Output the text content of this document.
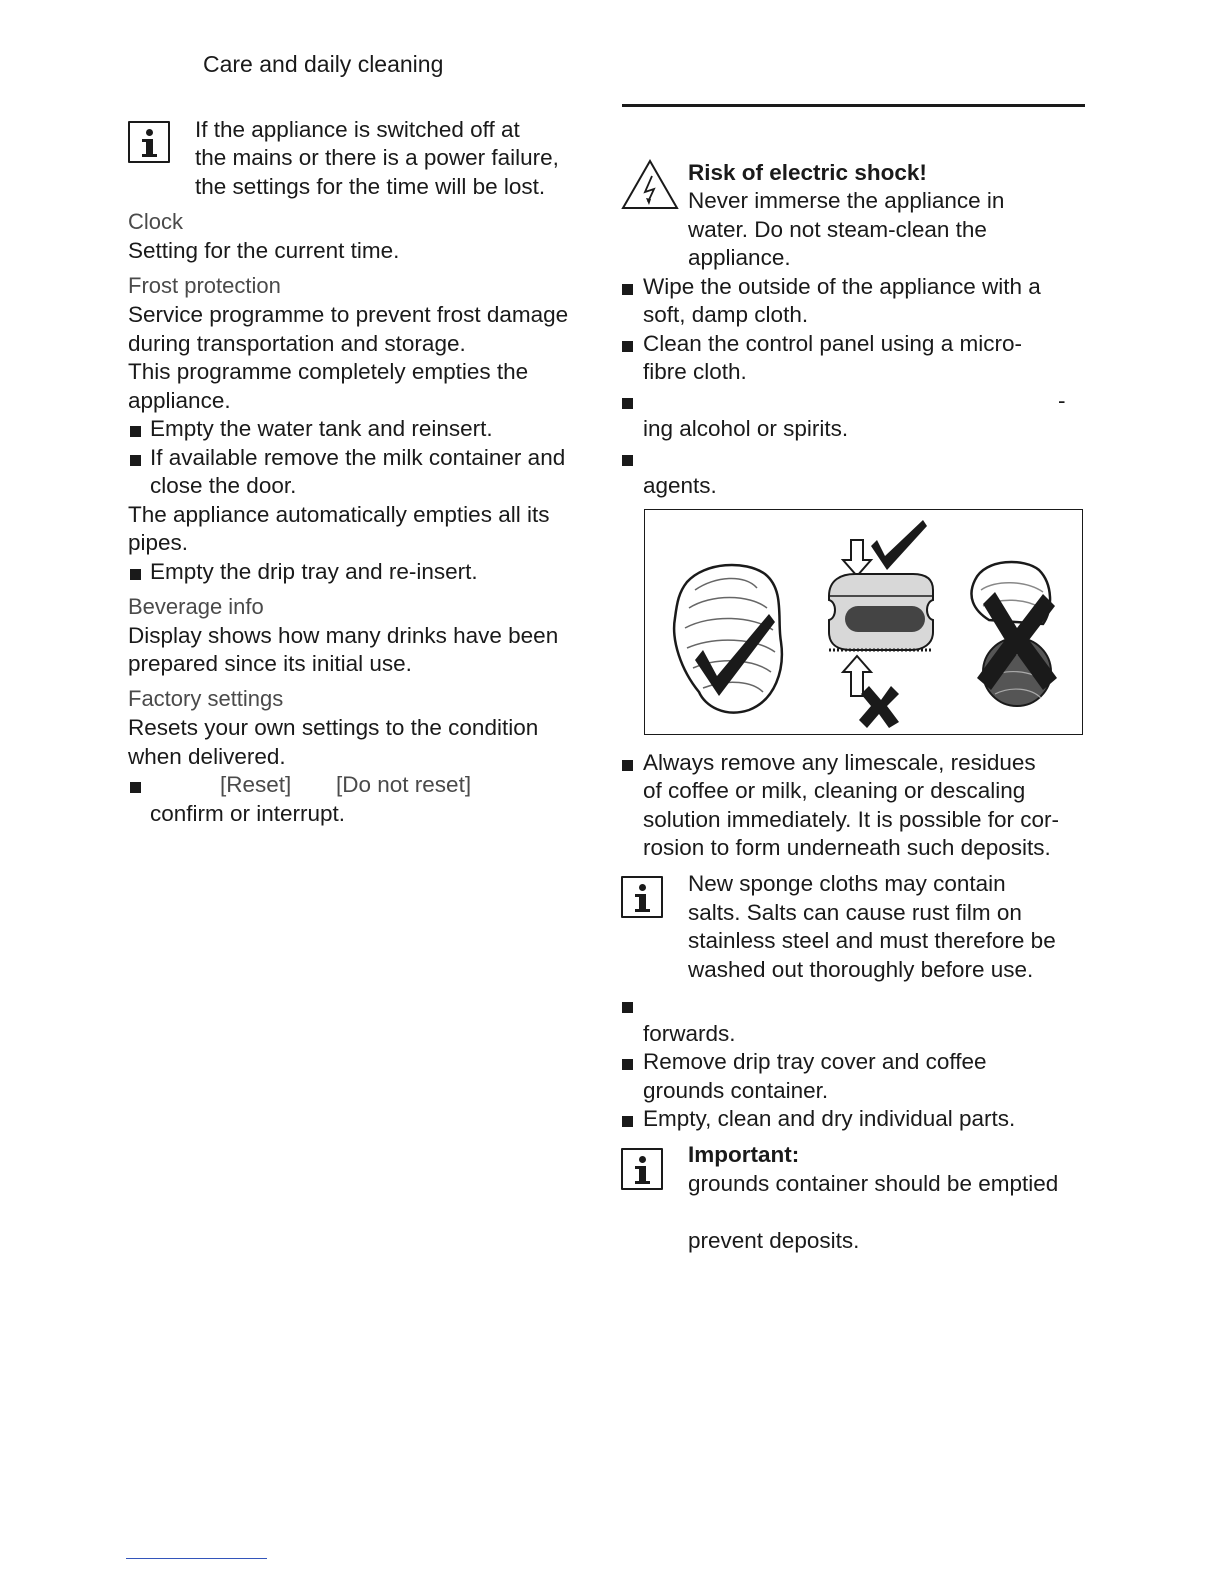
Care and daily cleaning
If the appliance is switched off at
the mains or there is a power failure,
the settings for the time will be lost.
Clock
Setting for the current time.
Frost protection
Service programme to prevent frost damage
during transportation and storage.
This programme completely empties the
appliance.
Empty the water tank and reinsert.
If available remove the milk container and
close the door.
The appliance automatically empties all its
pipes.
Empty the drip tray and re-insert.
Beverage info
Display shows how many drinks have been
prepared since its initial use.
Factory settings
Resets your own settings to the condition
when delivered.
[Reset] [Do not reset]
confirm or interrupt.
Risk of electric shock!
Never immerse the appliance in
water. Do not steam-clean the
appliance.
Wipe the outside of the appliance with a
soft, damp cloth.
Clean the control panel using a micro-
fibre cloth.
-
ing alcohol or spirits.
agents.
Always remove any limescale, residues
of coffee or milk, cleaning or descaling
solution immediately. It is possible for cor-
rosion to form underneath such deposits.
New sponge cloths may contain
salts. Salts can cause rust film on
stainless steel and must therefore be
washed out thoroughly before use.
forwards.
Remove drip tray cover and coffee
grounds container.
Empty, clean and dry individual parts.
Important:
grounds container should be emptied
prevent deposits.
